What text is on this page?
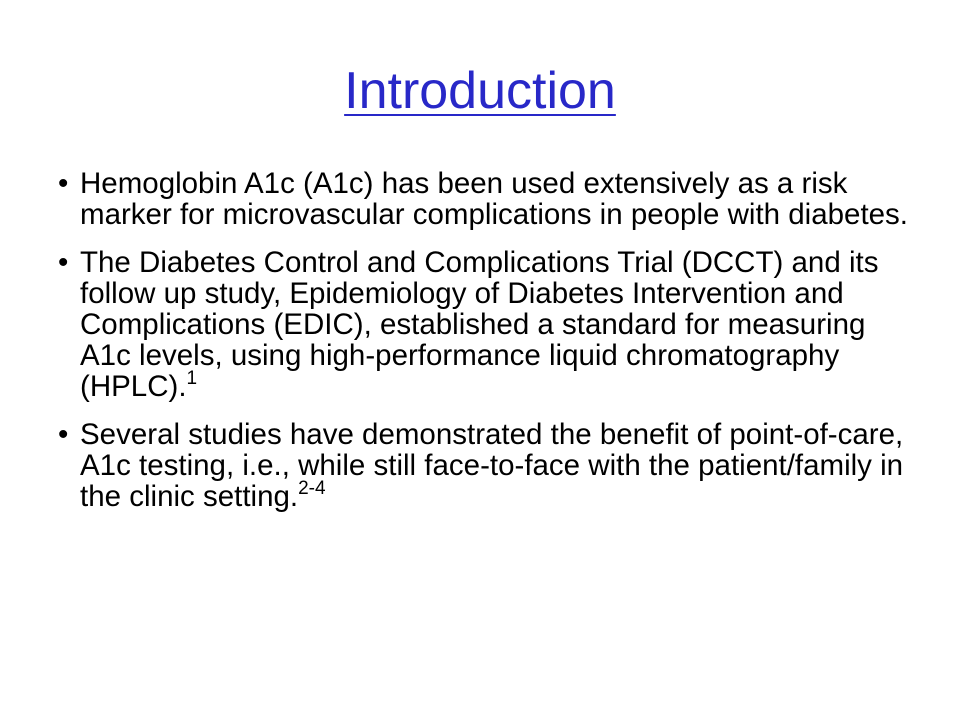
Introduction
• Hemoglobin A1c (A1c) has been used extensively as a risk marker for microvascular complications in people with diabetes.
• The Diabetes Control and Complications Trial (DCCT) and its follow up study, Epidemiology of Diabetes Intervention and Complications (EDIC), established a standard for measuring A1c levels, using high-performance liquid chromatography (HPLC).$^1$
• Several studies have demonstrated the benefit of point-of-care, A1c testing, i.e., while still face-to-face with the patient/family in the clinic setting.$^{2-4}$
